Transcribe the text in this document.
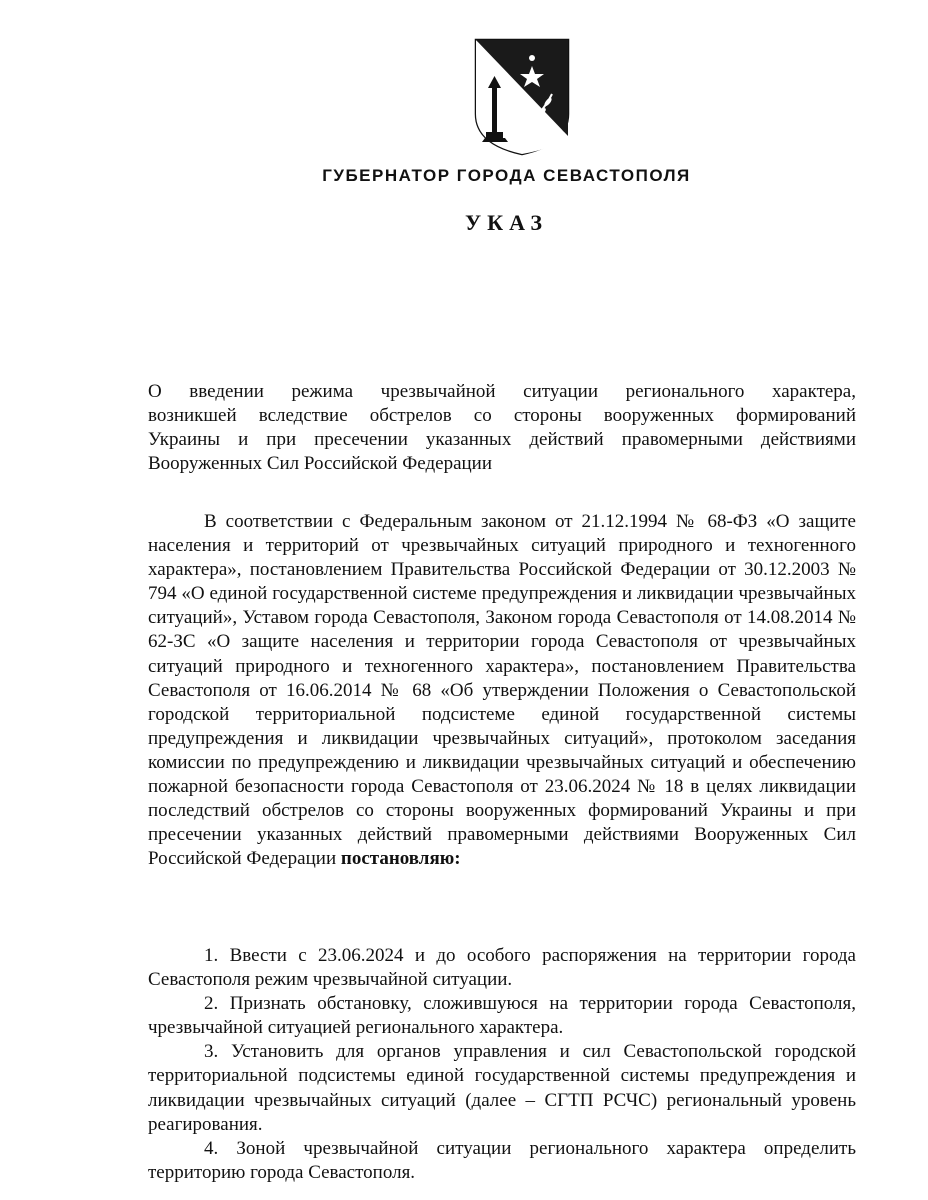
ГУБЕРНАТОР ГОРОДА СЕВАСТОПОЛЯ
УКАЗ
О введении режима чрезвычайной ситуации регионального характера,
возникшей вследствие обстрелов со стороны вооруженных формирований
Украины и при пресечении указанных действий правомерными действиями
Вооруженных Сил Российской Федерации

В соответствии с Федеральным законом от 21.12.1994 № 68-ФЗ «О защите населения и территорий от чрезвычайных ситуаций природного и техногенного характера», постановлением Правительства Российской Федерации от 30.12.2003 № 794 «О единой государственной системе предупреждения и ликвидации чрезвычайных ситуаций», Уставом города Севастополя, Законом города Севастополя от 14.08.2014 № 62-ЗС «О защите населения и территории города Севастополя от чрезвычайных ситуаций природного и техногенного характера», постановлением Правительства Севастополя от 16.06.2014 № 68 «Об утверждении Положения о Севастопольской городской территориальной подсистеме единой государственной системы предупреждения и ликвидации чрезвычайных ситуаций», протоколом заседания комиссии по предупреждению и ликвидации чрезвычайных ситуаций и обеспечению пожарной безопасности города Севастополя от 23.06.2024 № 18 в целях ликвидации последствий обстрелов со стороны вооруженных формирований Украины и при пресечении указанных действий правомерными действиями Вооруженных Сил Российской Федерации постановляю:

1. Ввести с 23.06.2024 и до особого распоряжения на территории города Севастополя режим чрезвычайной ситуации.

2. Признать обстановку, сложившуюся на территории города Севастополя, чрезвычайной ситуацией регионального характера.

3. Установить для органов управления и сил Севастопольской городской территориальной подсистемы единой государственной системы предупреждения и ликвидации чрезвычайных ситуаций (далее – СГТП РСЧС) региональный уровень реагирования.

4. Зоной чрезвычайной ситуации регионального характера определить территорию города Севастополя.
